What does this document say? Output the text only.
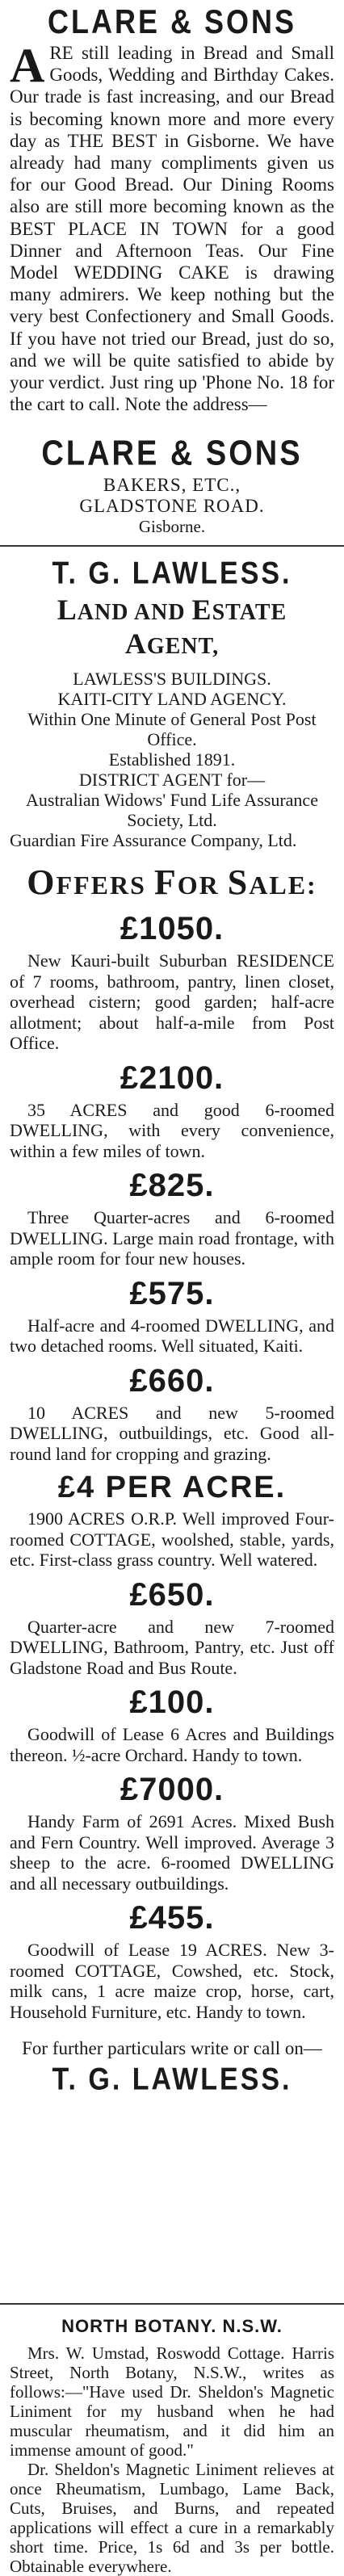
CLARE & SONS

ARE still leading in Bread and Small Goods, Wedding and Birthday Cakes. Our trade is fast increasing, and our Bread is becoming known more and more every day as THE BEST in Gisborne. We have already had many compliments given us for our Good Bread. Our Dining Rooms also are still more becoming known as the BEST PLACE IN TOWN for a good Dinner and Afternoon Teas. Our Fine Model WEDDING CAKE is drawing many admirers. We keep nothing but the very best Confectionery and Small Goods. If you have not tried our Bread, just do so, and we will be quite satisfied to abide by your verdict. Just ring up 'Phone No. 18 for the cart to call. Note the address—

CLARE & SONS

BAKERS, ETC.,

GLADSTONE ROAD.

Gisborne.

T. G. LAWLESS.
LAND AND ESTATE AGENT,

LAWLESS'S BUILDINGS.

KAITI-CITY LAND AGENCY.

Within One Minute of General Post Post Office.

Established 1891.

DISTRICT AGENT for—

Australian Widows' Fund Life Assurance Society, Ltd.

Guardian Fire Assurance Company, Ltd.

OFFERS FOR SALE:
£1050.

New Kauri-built Suburban RESIDENCE of 7 rooms, bathroom, pantry, linen closet, overhead cistern; good garden; half-acre allotment; about half-a-mile from Post Office.

£2100.

35 ACRES and good 6-roomed DWELLING, with every convenience, within a few miles of town.

£825.

Three Quarter-acres and 6-roomed DWELLING. Large main road frontage, with ample room for four new houses.

£575.

Half-acre and 4-roomed DWELLING, and two detached rooms. Well situated, Kaiti.

£660.

10 ACRES and new 5-roomed DWELLING, outbuildings, etc. Good all-round land for cropping and grazing.

£4 PER ACRE.

1900 ACRES O.R.P. Well improved Four-roomed COTTAGE, woolshed, stable, yards, etc. First-class grass country. Well watered.

£650.

Quarter-acre and new 7-roomed DWELLING, Bathroom, Pantry, etc. Just off Gladstone Road and Bus Route.

£100.

Goodwill of Lease 6 Acres and Buildings thereon. ½-acre Orchard. Handy to town.

£7000.

Handy Farm of 2691 Acres. Mixed Bush and Fern Country. Well improved. Average 3 sheep to the acre. 6-roomed DWELLING and all necessary outbuildings.

£455.

Goodwill of Lease 19 ACRES. New 3-roomed COTTAGE, Cowshed, etc. Stock, milk cans, 1 acre maize crop, horse, cart, Household Furniture, etc. Handy to town.

For further particulars write or call on—

T. G. LAWLESS.
NORTH BOTANY. N.S.W.

Mrs. W. Umstad, Roswodd Cottage. Harris Street, North Botany, N.S.W., writes as follows:—"Have used Dr. Sheldon's Magnetic Liniment for my husband when he had muscular rheumatism, and it did him an immense amount of good."

Dr. Sheldon's Magnetic Liniment relieves at once Rheumatism, Lumbago, Lame Back, Cuts, Bruises, and Burns, and repeated applications will effect a cure in a remarkably short time. Price, 1s 6d and 3s per bottle. Obtainable everywhere.
